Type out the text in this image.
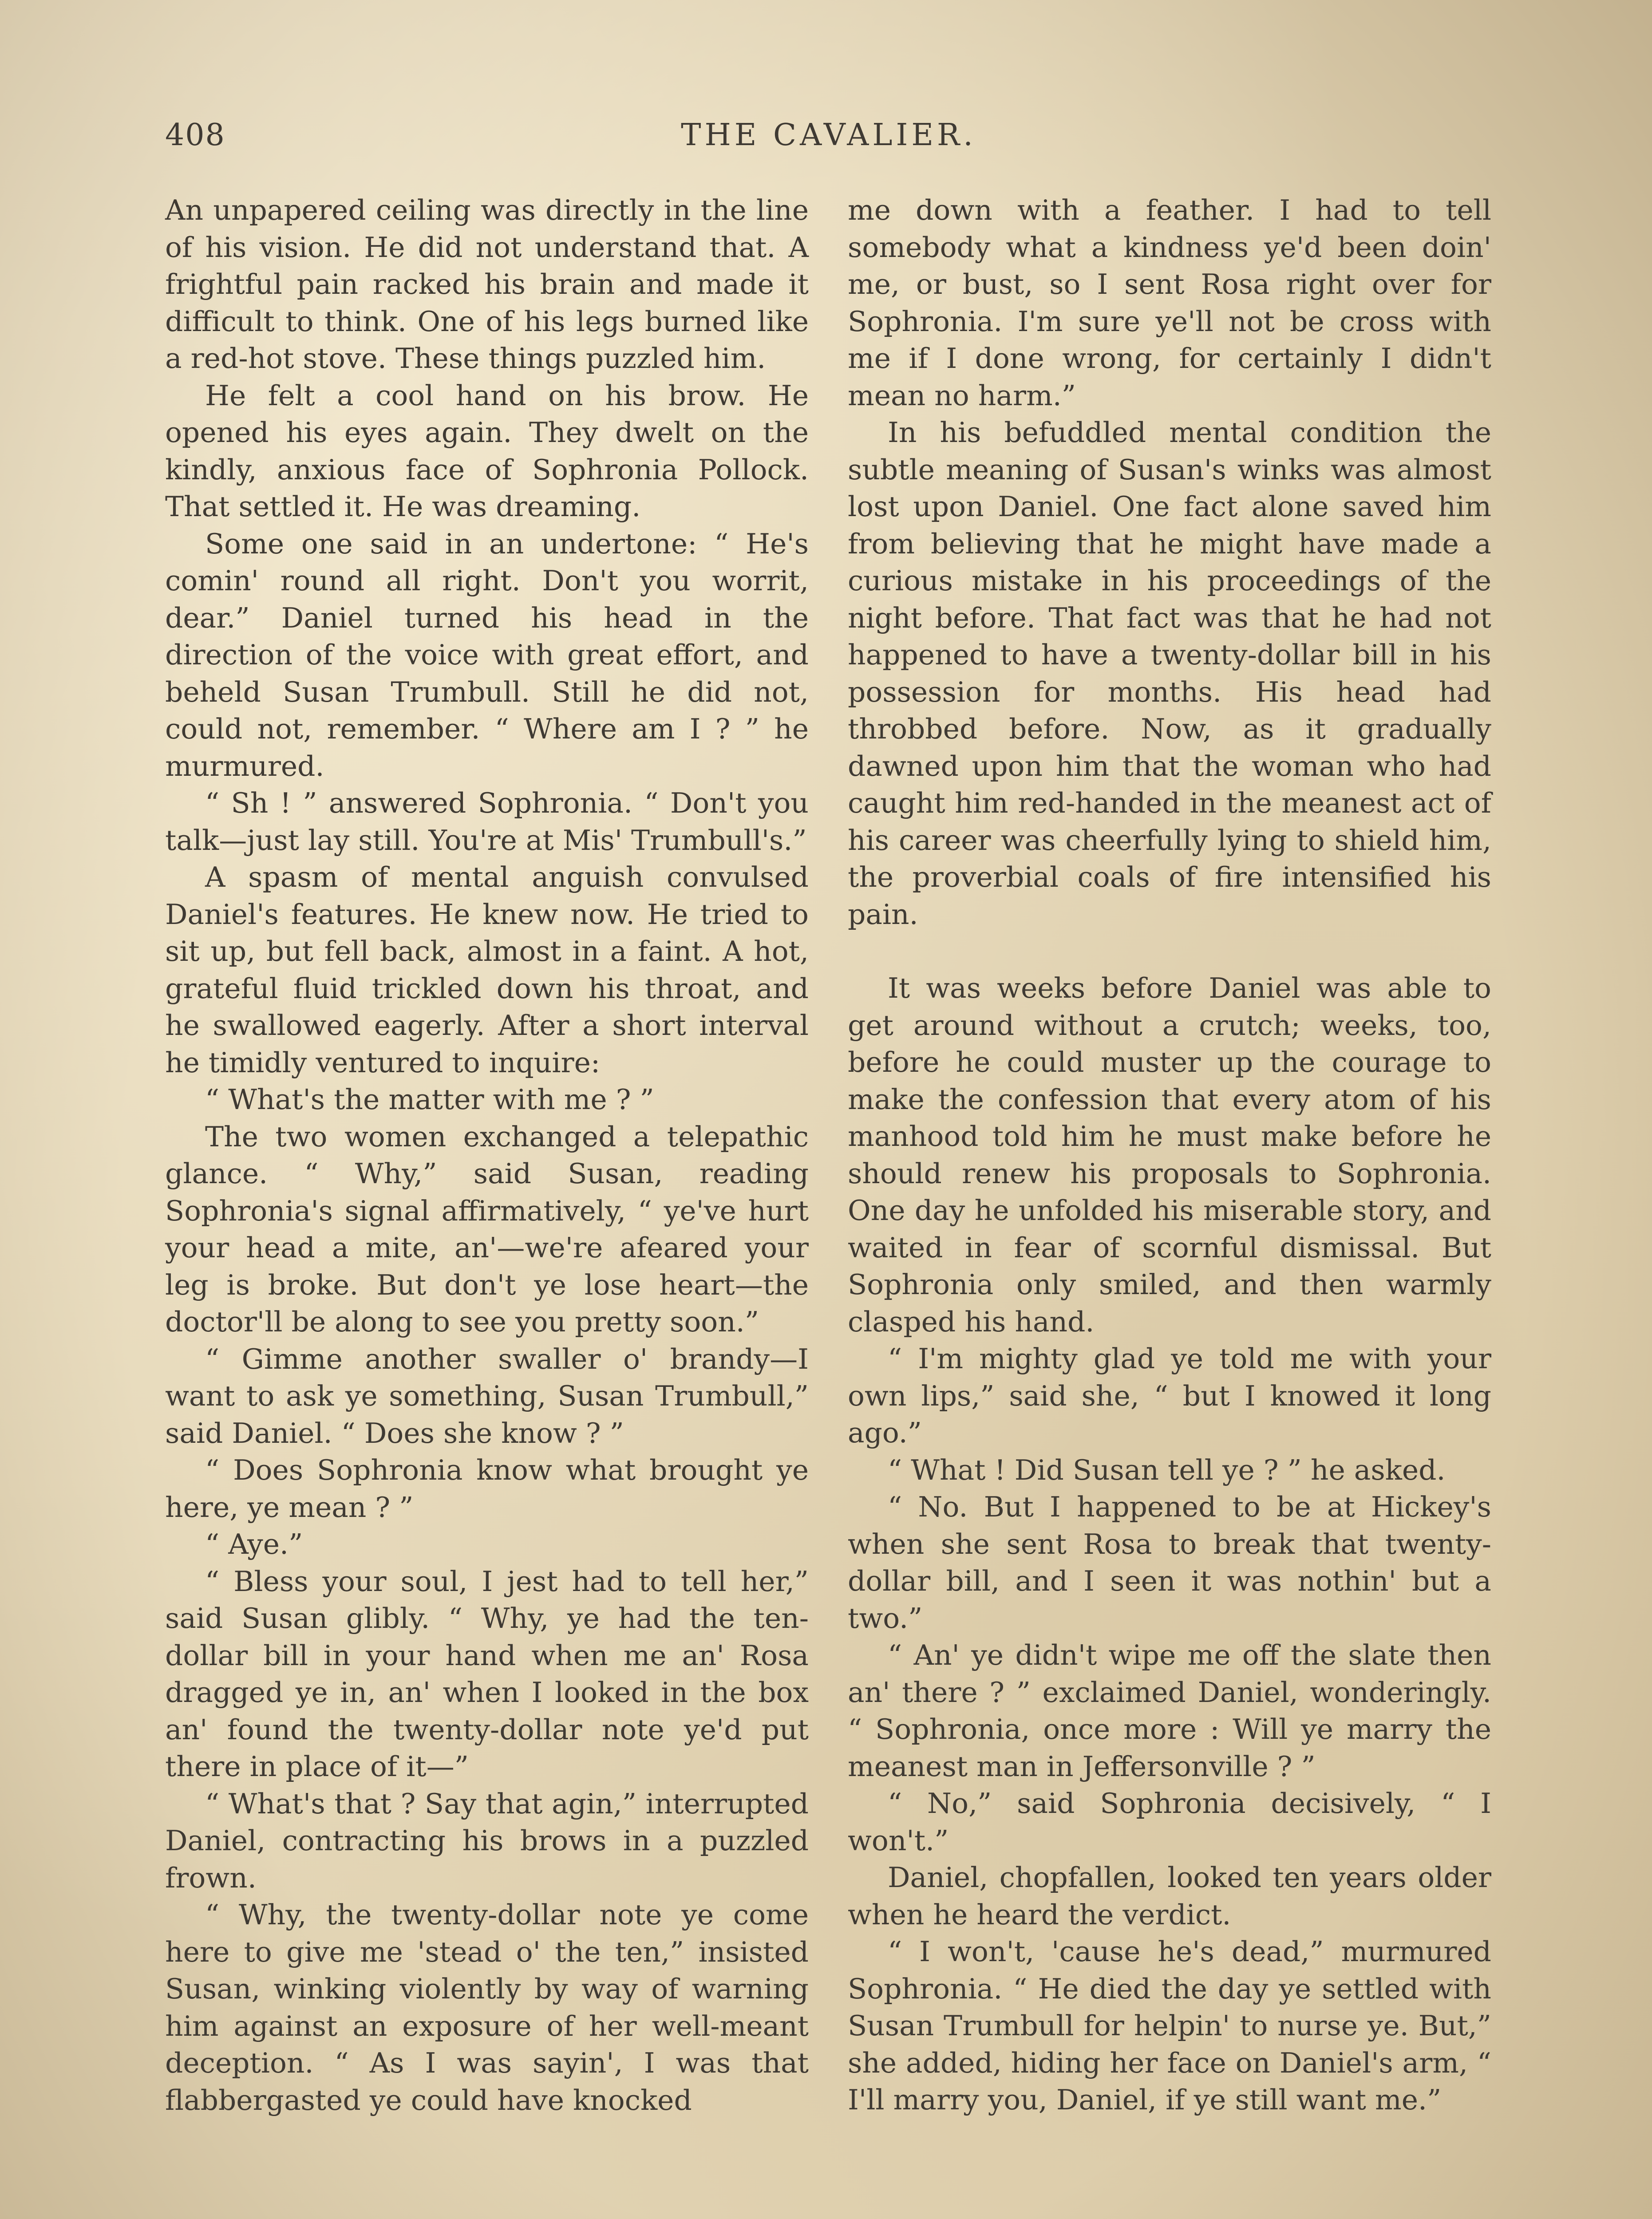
408	THE CAVALIER.

An unpapered ceiling was directly in the line of his vision. He did not understand that. A frightful pain racked his brain and made it difficult to think. One of his legs burned like a red-hot stove. These things puzzled him.

He felt a cool hand on his brow. He opened his eyes again. They dwelt on the kindly, anxious face of Sophronia Pollock. That settled it. He was dreaming.

Some one said in an undertone: “ He's comin' round all right. Don't you worrit, dear.” Daniel turned his head in the direction of the voice with great effort, and beheld Susan Trumbull. Still he did not, could not, remember. “ Where am I ? ” he murmured.

“ Sh ! ” answered Sophronia. “ Don't you talk—just lay still. You're at Mis' Trumbull's.”

A spasm of mental anguish convulsed Daniel's features. He knew now. He tried to sit up, but fell back, almost in a faint. A hot, grateful fluid trickled down his throat, and he swallowed eagerly. After a short interval he timidly ventured to inquire:

“ What's the matter with me ? ”

The two women exchanged a telepathic glance. “ Why,” said Susan, reading Sophronia's signal affirmatively, “ ye've hurt your head a mite, an'—we're afeared your leg is broke. But don't ye lose heart—the doctor'll be along to see you pretty soon.”

“ Gimme another swaller o' brandy—I want to ask ye something, Susan Trumbull,” said Daniel. “ Does she know ? ”

“ Does Sophronia know what brought ye here, ye mean ? ”

“ Aye.”

“ Bless your soul, I jest had to tell her,” said Susan glibly. “ Why, ye had the ten-dollar bill in your hand when me an' Rosa dragged ye in, an' when I looked in the box an' found the twenty-dollar note ye'd put there in place of it—”

“ What's that ? Say that agin,” interrupted Daniel, contracting his brows in a puzzled frown.

“ Why, the twenty-dollar note ye come here to give me 'stead o' the ten,” insisted Susan, winking violently by way of warning him against an exposure of her well-meant deception. “ As I was sayin', I was that flabbergasted ye could have knocked

me down with a feather. I had to tell somebody what a kindness ye'd been doin' me, or bust, so I sent Rosa right over for Sophronia. I'm sure ye'll not be cross with me if I done wrong, for certainly I didn't mean no harm.”

In his befuddled mental condition the subtle meaning of Susan's winks was almost lost upon Daniel. One fact alone saved him from believing that he might have made a curious mistake in his proceedings of the night before. That fact was that he had not happened to have a twenty-dollar bill in his possession for months. His head had throbbed before. Now, as it gradually dawned upon him that the woman who had caught him red-handed in the meanest act of his career was cheerfully lying to shield him, the proverbial coals of fire intensified his pain.

It was weeks before Daniel was able to get around without a crutch; weeks, too, before he could muster up the courage to make the confession that every atom of his manhood told him he must make before he should renew his proposals to Sophronia. One day he unfolded his miserable story, and waited in fear of scornful dismissal. But Sophronia only smiled, and then warmly clasped his hand.

“ I'm mighty glad ye told me with your own lips,” said she, “ but I knowed it long ago.”

“ What ! Did Susan tell ye ? ” he asked.

“ No. But I happened to be at Hickey's when she sent Rosa to break that twenty-dollar bill, and I seen it was nothin' but a two.”

“ An' ye didn't wipe me off the slate then an' there ? ” exclaimed Daniel, wonderingly. “ Sophronia, once more : Will ye marry the meanest man in Jeffersonville ? ”

“ No,” said Sophronia decisively, “ I won't.”

Daniel, chopfallen, looked ten years older when he heard the verdict.

“ I won't, 'cause he's dead,” murmured Sophronia. “ He died the day ye settled with Susan Trumbull for helpin' to nurse ye. But,” she added, hiding her face on Daniel's arm, “ I'll marry you, Daniel, if ye still want me.”
